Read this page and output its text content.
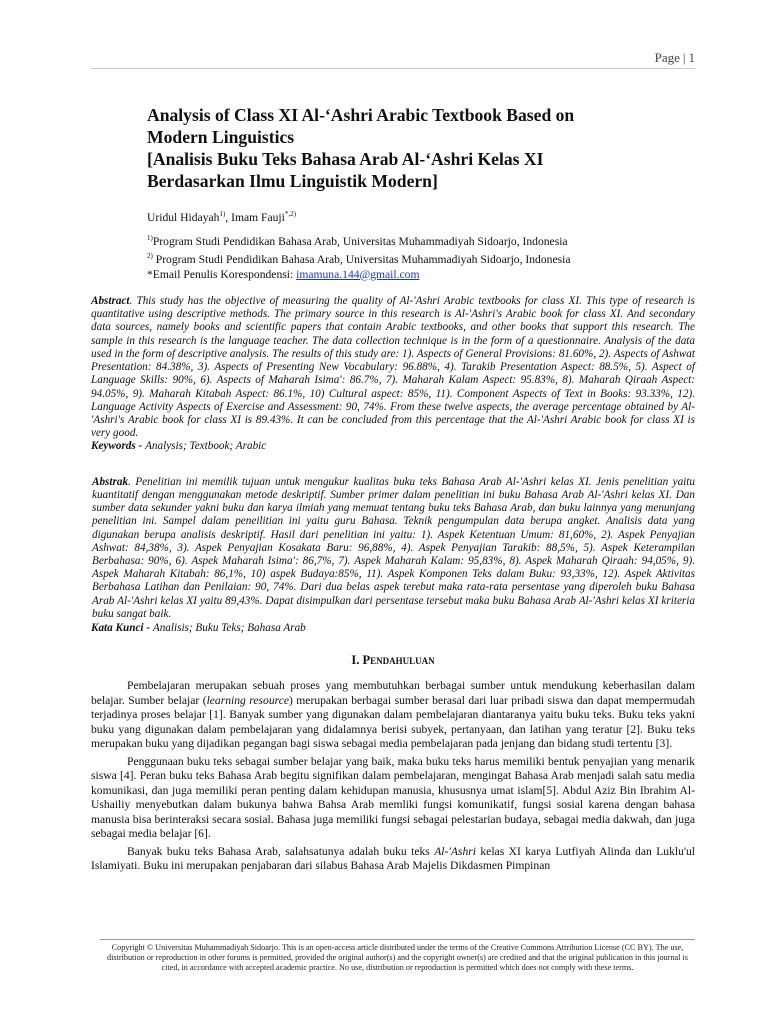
Page | 1
Analysis of Class XI Al-‘Ashri Arabic Textbook Based on
Modern Linguistics
[Analisis Buku Teks Bahasa Arab Al-‘Ashri Kelas XI
Berdasarkan Ilmu Linguistik Modern]
Uridul Hidayah$^{1)}$, Imam Fauji$^{*,2)}$
$^{1)}$Program Studi Pendidikan Bahasa Arab, Universitas Muhammadiyah Sidoarjo, Indonesia
$^{2)}$ Program Studi Pendidikan Bahasa Arab, Universitas Muhammadiyah Sidoarjo, Indonesia
*Email Penulis Korespondensi: imamuna.144@gmail.com
Abstract. This study has the objective of measuring the quality of Al-'Ashri Arabic textbooks for class XI. This type of research is quantitative using descriptive methods. The primary source in this research is Al-'Ashri's Arabic book for class XI. And secondary data sources, namely books and scientific papers that contain Arabic textbooks, and other books that support this research. The sample in this research is the language teacher. The data collection technique is in the form of a questionnaire. Analysis of the data used in the form of descriptive analysis. The results of this study are: 1). Aspects of General Provisions: 81.60%, 2). Aspects of Ashwat Presentation: 84.38%, 3). Aspects of Presenting New Vocabulary: 96.88%, 4). Tarakib Presentation Aspect: 88.5%, 5). Aspect of Language Skills: 90%, 6). Aspects of Maharah Isima': 86.7%, 7). Maharah Kalam Aspect: 95.83%, 8). Maharah Qiraah Aspect: 94.05%, 9). Maharah Kitabah Aspect: 86.1%, 10) Cultural aspect: 85%, 11). Component Aspects of Text in Books: 93.33%, 12). Language Activity Aspects of Exercise and Assessment: 90, 74%. From these twelve aspects, the average percentage obtained by Al-'Ashri's Arabic book for class XI is 89.43%. It can be concluded from this percentage that the Al-'Ashri Arabic book for class XI is very good.
Keywords - Analysis; Textbook; Arabic
Abstrak. Penelitian ini memilik tujuan untuk mengukur kualitas buku teks Bahasa Arab Al-'Ashri kelas XI. Jenis penelitian yaitu kuantitatif dengan menggunakan metode deskriptif. Sumber primer dalam penelitian ini buku Bahasa Arab Al-'Ashri kelas XI. Dan sumber data sekunder yakni buku dan karya ilmiah yang memuat tentang buku teks Bahasa Arab, dan buku lainnya yang menunjang penelitian ini. Sampel dalam peneilitian ini yaitu guru Bahasa. Teknik pengumpulan data berupa angket. Analisis data yang digunakan berupa analisis deskriptif. Hasil dari penelitian ini yaitu: 1). Aspek Ketentuan Umum: 81,60%, 2). Aspek Penyajian Ashwat: 84,38%, 3). Aspek Penyajian Kosakata Baru: 96,88%, 4). Aspek Penyajian Tarakib: 88,5%, 5). Aspek Keterampilan Berbahasa: 90%, 6). Aspek Maharah Isima': 86,7%, 7). Aspek Maharah Kalam: 95,83%, 8). Aspek Maharah Qiraah: 94,05%, 9). Aspek Maharah Kitabah: 86,1%, 10) aspek Budaya:85%, 11). Aspek Komponen Teks dalam Buku: 93,33%, 12). Aspek Aktivitas Berbahasa Latihan dan Penilaian: 90, 74%. Dari dua belas aspek terebut maka rata-rata persentase yang diperoleh buku Bahasa Arab Al-'Ashri kelas XI yaitu 89,43%. Dapat disimpulkan dari persentase tersebut maka buku Bahasa Arab Al-'Ashri kelas XI kriteria buku sangat baik.
Kata Kunci - Analisis; Buku Teks; Bahasa Arab
I. Pendahuluan

Pembelajaran merupakan sebuah proses yang membutuhkan berbagai sumber untuk mendukung keberhasilan dalam belajar. Sumber belajar (learning resource) merupakan berbagai sumber berasal dari luar pribadi siswa dan dapat mempermudah terjadinya proses belajar [1]. Banyak sumber yang digunakan dalam pembelajaran diantaranya yaitu buku teks. Buku teks yakni buku yang digunakan dalam pembelajaran yang didalamnya berisi subyek, pertanyaan, dan latihan yang teratur [2]. Buku teks merupakan buku yang dijadikan pegangan bagi siswa sebagai media pembelajaran pada jenjang dan bidang studi tertentu [3].

Penggunaan buku teks sebagai sumber belajar yang baik, maka buku teks harus memiliki bentuk penyajian yang menarik siswa [4]. Peran buku teks Bahasa Arab begitu signifikan dalam pembelajaran, mengingat Bahasa Arab menjadi salah satu media komunikasi, dan juga memiliki peran penting dalam kehidupan manusia, khususnya umat islam[5]. Abdul Aziz Bin Ibrahim Al-Ushailiy menyebutkan dalam bukunya bahwa Bahsa Arab memliki fungsi komunikatif, fungsi sosial karena dengan bahasa manusia bisa berinteraksi secara sosial. Bahasa juga memiliki fungsi sebagai pelestarian budaya, sebagai media dakwah, dan juga sebagai media belajar [6].

Banyak buku teks Bahasa Arab, salahsatunya adalah buku teks Al-'Ashri kelas XI karya Lutfiyah Alinda dan Luklu'ul Islamiyati. Buku ini merupakan penjabaran dari silabus Bahasa Arab Majelis Dikdasmen Pimpinan

Copyright © Universitas Muhammadiyah Sidoarjo. This is an open-access article distributed under the terms of the Creative Commons Attribution License (CC BY). The use, distribution or reproduction in other forums is permitted, provided the original author(s) and the copyright owner(s) are credited and that the original publication in this journal is cited, in accordance with accepted academic practice. No use, distribution or reproduction is permitted which does not comply with these terms.
